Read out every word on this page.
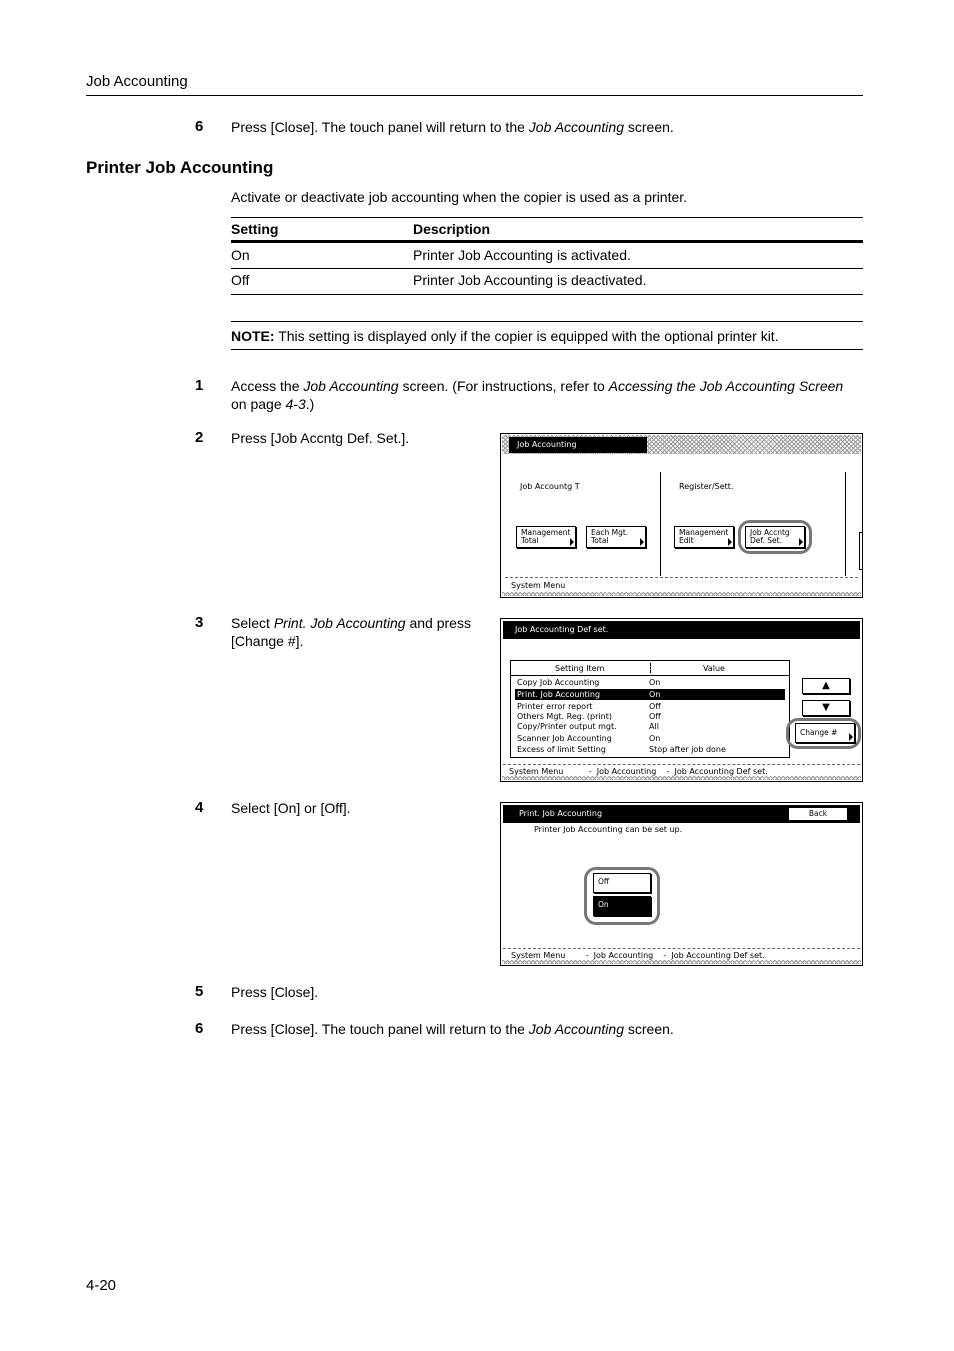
Job Accounting
6 Press [Close]. The touch panel will return to the Job Accounting screen.
Printer Job Accounting
Activate or deactivate job accounting when the copier is used as a printer.
Setting	Description
On	Printer Job Accounting is activated.
Off	Printer Job Accounting is deactivated.
NOTE: This setting is displayed only if the copier is equipped with the optional printer kit.
1 Access the Job Accounting screen. (For instructions, refer to Accessing the Job Accounting Screen
on page 4-3.)
2 Press [Job Accntg Def. Set.].	Job Accounting
Job Accountg T	Register/Sett.
Management
Total
Each Mgt.
Total
Management
Edit
Job Accntg
Def. Set.
System Menu
3 Select Print. Job Accounting and press
[Change #].
Job Accounting Def set.
Setting Item	Value
Copy Job Accounting	On
Print. Job Accounting	On
Printer error report	Off
Others Mgt. Reg. (print)	Off
Copy/Printer output mgt.	All
Scanner Job Accounting	On
Excess of limit Setting	Stop after job done
▲
▼
Change #
System Menu	- Job Accounting - Job Accounting Def set.
4 Select [On] or [Off].	Print. Job Accounting	Back
Printer Job Accounting can be set up.
Off
On
System Menu	- Job Accounting - Job Accounting Def set.
5 Press [Close].
6 Press [Close]. The touch panel will return to the Job Accounting screen.
4-20
